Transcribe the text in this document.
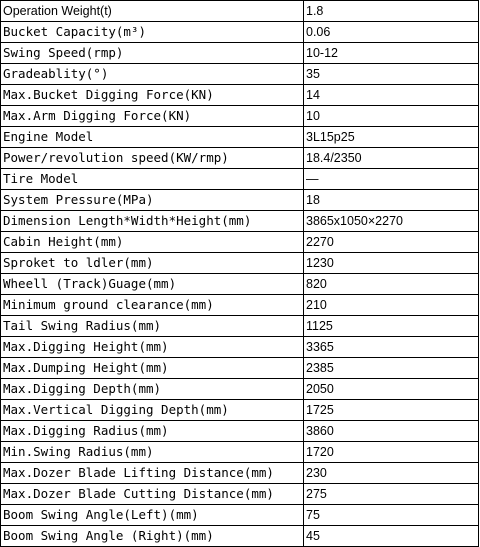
Operation Weight(t)	1.8
Bucket Capacity(m³)	0.06
Swing Speed(rmp)	10-12
Gradeablity(°)	35
Max.Bucket Digging Force(KN)	14
Max.Arm Digging Force(KN)	10
Engine Model	3L15p25
Power/revolution speed(KW/rmp)	18.4/2350
Tire Model	—
System Pressure(MPa)	18
Dimension Length*Width*Height(mm)	3865x1050×2270
Cabin Height(mm)	2270
Sproket to ldler(mm)	1230
Wheell (Track)Guage(mm)	820
Minimum ground clearance(mm)	210
Tail Swing Radius(mm)	1125
Max.Digging Height(mm)	3365
Max.Dumping Height(mm)	2385
Max.Digging Depth(mm)	2050
Max.Vertical Digging Depth(mm)	1725
Max.Digging Radius(mm)	3860
Min.Swing Radius(mm)	1720
Max.Dozer Blade Lifting Distance(mm)	230
Max.Dozer Blade Cutting Distance(mm)	275
Boom Swing Angle(Left)(mm)	75
Boom Swing Angle (Right)(mm)	45
